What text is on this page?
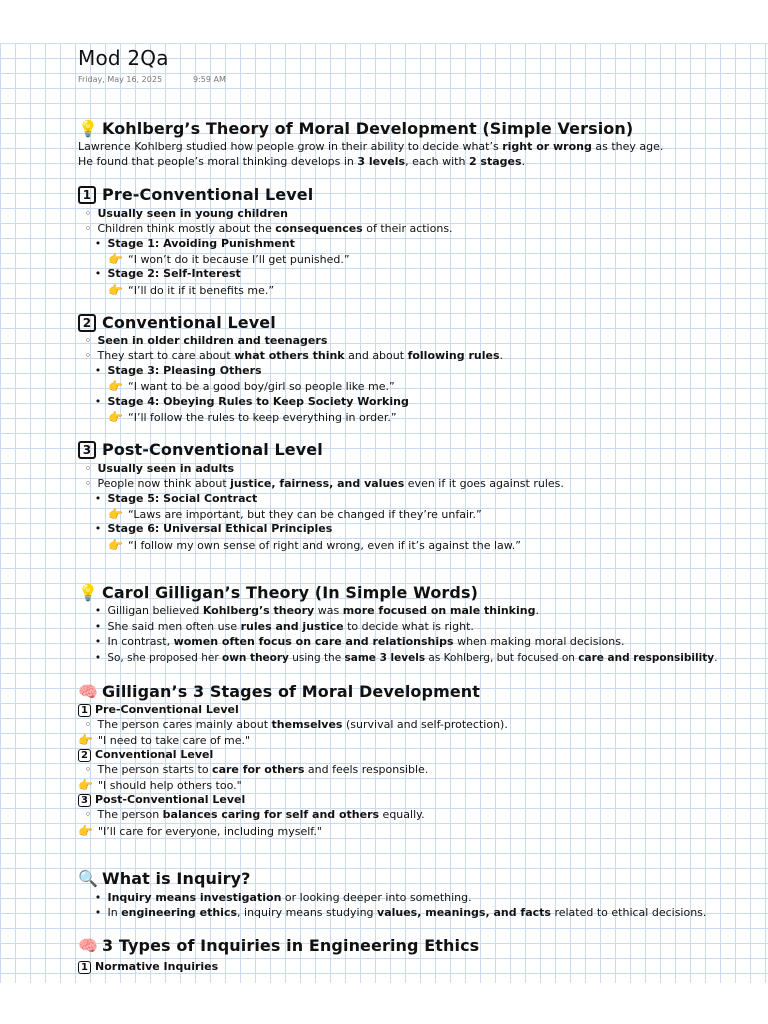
Mod 2Qa
Friday, May 16, 2025	9:59 AM
💡 Kohlberg’s Theory of Moral Development (Simple Version)
Lawrence Kohlberg studied how people grow in their ability to decide what’s right or wrong as they age.
He found that people’s moral thinking develops in 3 levels, each with 2 stages.
1 Pre-Conventional Level
◦ Usually seen in young children
◦ Children think mostly about the consequences of their actions.
• Stage 1: Avoiding Punishment
👉 “I won’t do it because I’ll get punished.”
• Stage 2: Self-Interest
👉 “I’ll do it if it benefits me.”
2 Conventional Level
◦ Seen in older children and teenagers
◦ They start to care about what others think and about following rules.
• Stage 3: Pleasing Others
👉 “I want to be a good boy/girl so people like me.”
• Stage 4: Obeying Rules to Keep Society Working
👉 “I’ll follow the rules to keep everything in order.”
3 Post-Conventional Level
◦ Usually seen in adults
◦ People now think about justice, fairness, and values even if it goes against rules.
• Stage 5: Social Contract
👉 “Laws are important, but they can be changed if they’re unfair.”
• Stage 6: Universal Ethical Principles
👉 “I follow my own sense of right and wrong, even if it’s against the law.”
💡 Carol Gilligan’s Theory (In Simple Words)
• Gilligan believed Kohlberg’s theory was more focused on male thinking.
• She said men often use rules and justice to decide what is right.
• In contrast, women often focus on care and relationships when making moral decisions.
• So, she proposed her own theory using the same 3 levels as Kohlberg, but focused on care and responsibility.
🧠 Gilligan’s 3 Stages of Moral Development
1 Pre-Conventional Level
◦ The person cares mainly about themselves (survival and self-protection).
👉 "I need to take care of me."
2 Conventional Level
◦ The person starts to care for others and feels responsible.
👉 "I should help others too."
3 Post-Conventional Level
◦ The person balances caring for self and others equally.
👉 "I’ll care for everyone, including myself."
🔍 What is Inquiry?
• Inquiry means investigation or looking deeper into something.
• In engineering ethics, inquiry means studying values, meanings, and facts related to ethical decisions.
🧠 3 Types of Inquiries in Engineering Ethics
1 Normative Inquiries
